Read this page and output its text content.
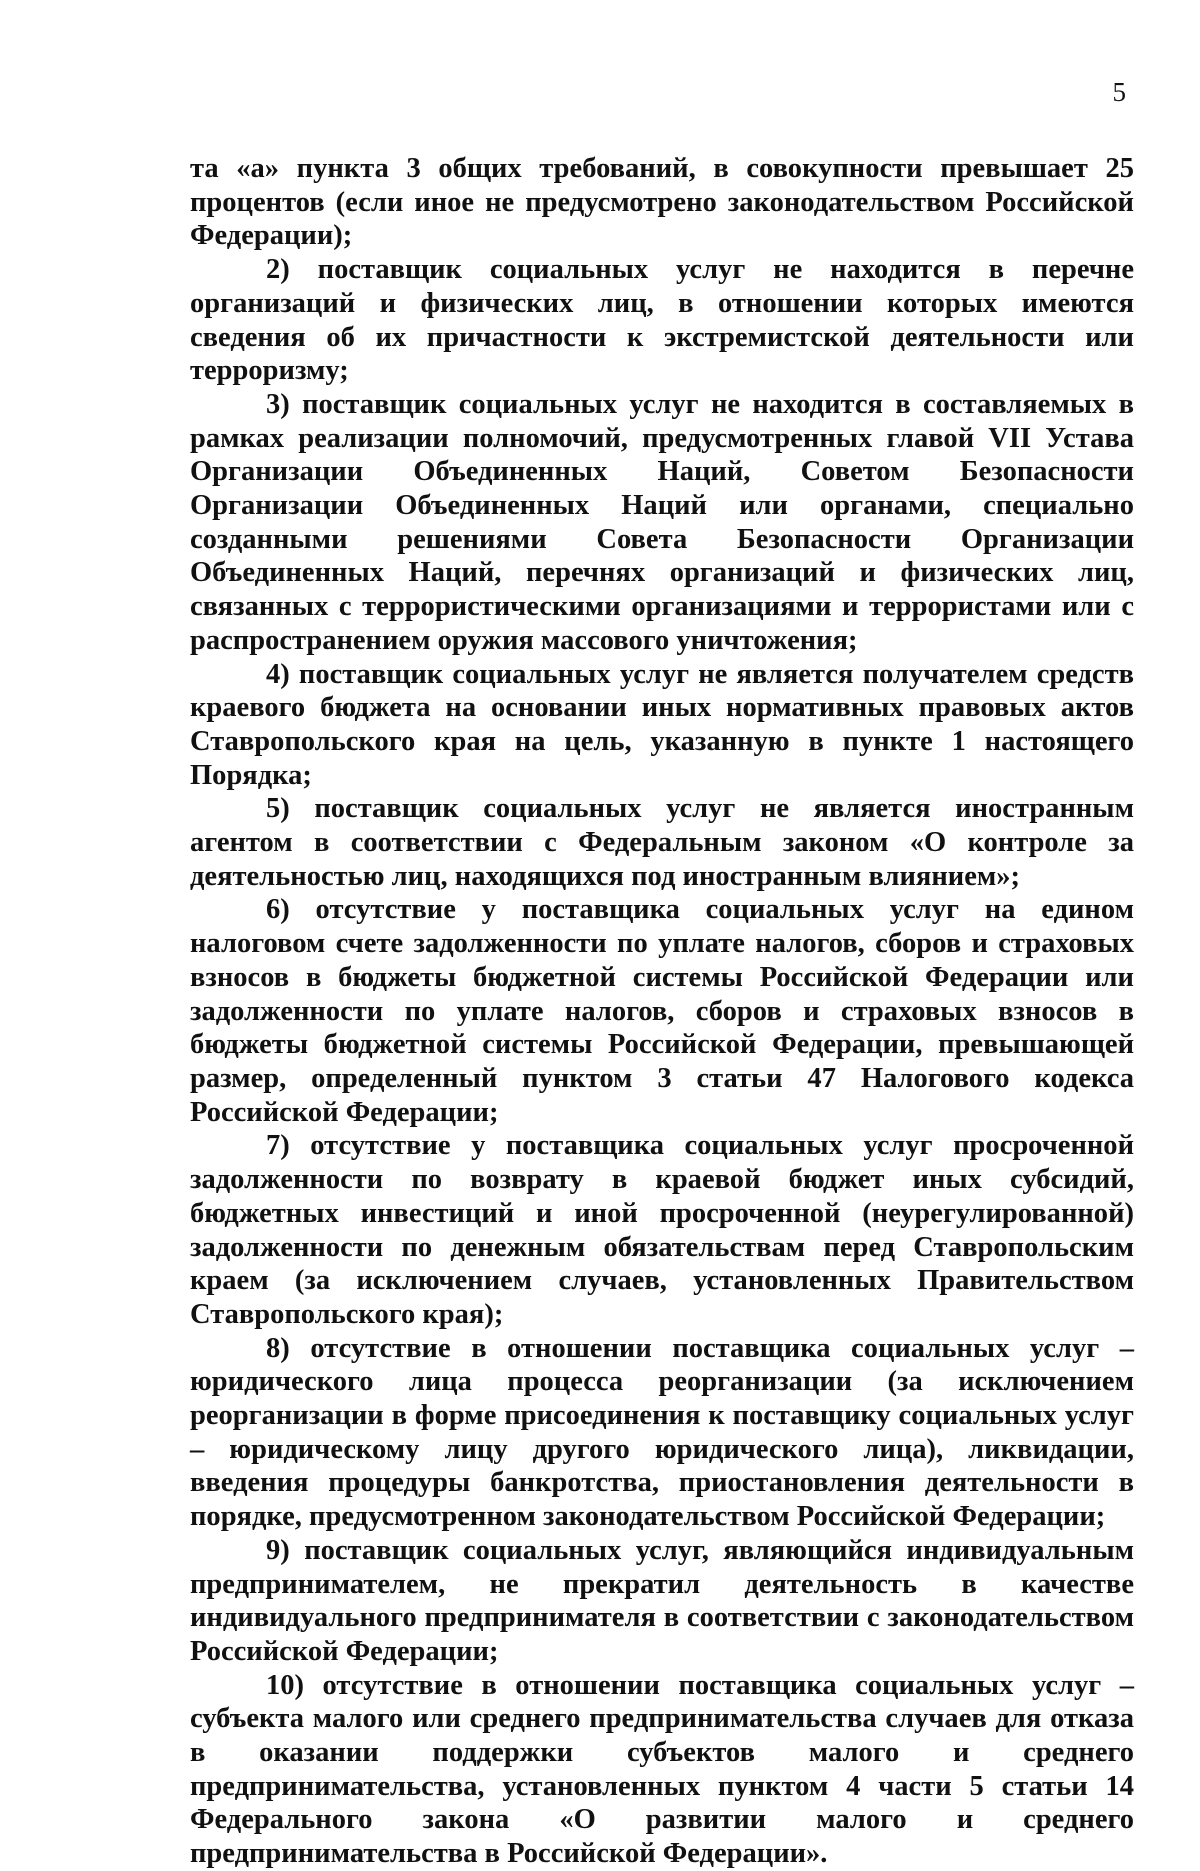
5

та «а» пункта 3 общих требований, в совокупности превышает 25 процентов (если иное не предусмотрено законодательством Российской Федерации);

2) поставщик социальных услуг не находится в перечне организаций и физических лиц, в отношении которых имеются сведения об их причастности к экстремистской деятельности или терроризму;

3) поставщик социальных услуг не находится в составляемых в рамках реализации полномочий, предусмотренных главой VII Устава Организации Объединенных Наций, Советом Безопасности Организации Объединенных Наций или органами, специально созданными решениями Совета Безопасности Организации Объединенных Наций, перечнях организаций и физических лиц, связанных с террористическими организациями и террористами или с распространением оружия массового уничтожения;

4) поставщик социальных услуг не является получателем средств краевого бюджета на основании иных нормативных правовых актов Ставропольского края на цель, указанную в пункте 1 настоящего Порядка;

5) поставщик социальных услуг не является иностранным агентом в соответствии с Федеральным законом «О контроле за деятельностью лиц, находящихся под иностранным влиянием»;

6) отсутствие у поставщика социальных услуг на едином налоговом счете задолженности по уплате налогов, сборов и страховых взносов в бюджеты бюджетной системы Российской Федерации или задолженности по уплате налогов, сборов и страховых взносов в бюджеты бюджетной системы Российской Федерации, превышающей размер, определенный пунктом 3 статьи 47 Налогового кодекса Российской Федерации;

7) отсутствие у поставщика социальных услуг просроченной задолженности по возврату в краевой бюджет иных субсидий, бюджетных инвестиций и иной просроченной (неурегулированной) задолженности по денежным обязательствам перед Ставропольским краем (за исключением случаев, установленных Правительством Ставропольского края);

8) отсутствие в отношении поставщика социальных услуг – юридического лица процесса реорганизации (за исключением реорганизации в форме присоединения к поставщику социальных услуг – юридическому лицу другого юридического лица), ликвидации, введения процедуры банкротства, приостановления деятельности в порядке, предусмотренном законодательством Российской Федерации;

9) поставщик социальных услуг, являющийся индивидуальным предпринимателем, не прекратил деятельность в качестве индивидуального предпринимателя в соответствии с законодательством Российской Федерации;

10) отсутствие в отношении поставщика социальных услуг – субъекта малого или среднего предпринимательства случаев для отказа в оказании поддержки субъектов малого и среднего предпринимательства, установленных пунктом 4 части 5 статьи 14 Федерального закона «О развитии малого и среднего предпринимательства в Российской Федерации».
